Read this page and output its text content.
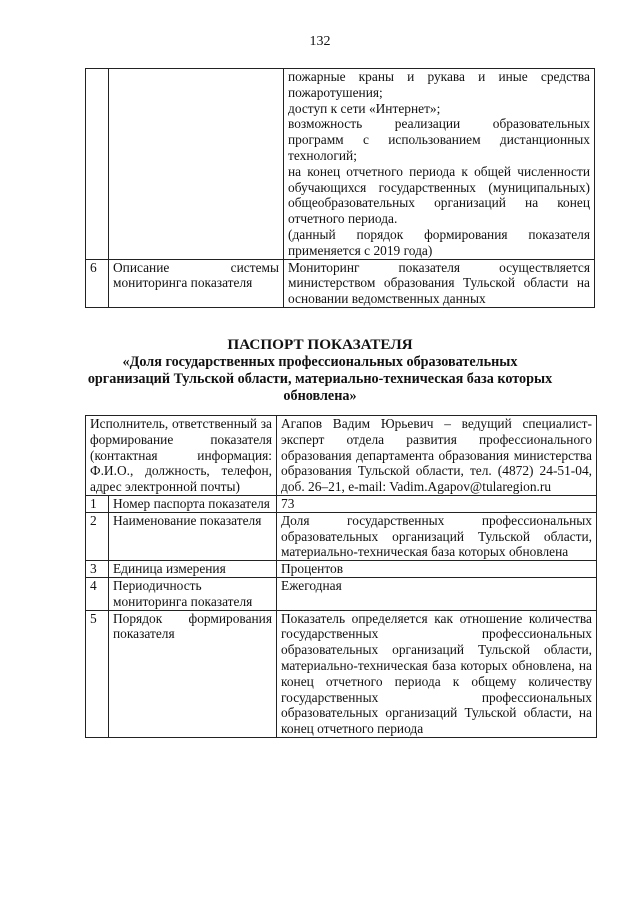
132

		пожарные краны и рукава и иные средства пожаротушения;
доступ к сети «Интернет»;
возможность реализации образовательных программ с использованием дистанционных технологий;
на конец отчетного периода к общей численности обучающихся государственных (муниципальных) общеобразовательных организаций на конец отчетного периода.
(данный порядок формирования показателя применяется с 2019 года)

6	Описание системы мониторинга показателя	Мониторинг показателя осуществляется министерством образования Тульской области на основании ведомственных данных
ПАСПОРТ ПОКАЗАТЕЛЯ
«Доля государственных профессиональных образовательных организаций Тульской области, материально-техническая база которых обновлена»
Исполнитель, ответственный за формирование показателя (контактная информация: Ф.И.О., должность, телефон, адрес электронной почты)		Агапов Вадим Юрьевич – ведущий специалист-эксперт отдела развития профессионального образования департамента образования министерства образования Тульской области, тел. (4872) 24-51-04, доб. 26–21, e-mail: Vadim.Agapov@tularegion.ru
1	Номер паспорта показателя	73
2	Наименование показателя	Доля государственных профессиональных образовательных организаций Тульской области, материально-техническая база которых обновлена
3	Единица измерения	Процентов
4	Периодичность мониторинга показателя	Ежегодная
5	Порядок формирования показателя	Показатель определяется как отношение количества государственных профессиональных образовательных организаций Тульской области, материально-техническая база которых обновлена, на конец отчетного периода к общему количеству государственных профессиональных образовательных организаций Тульской области, на конец отчетного периода
